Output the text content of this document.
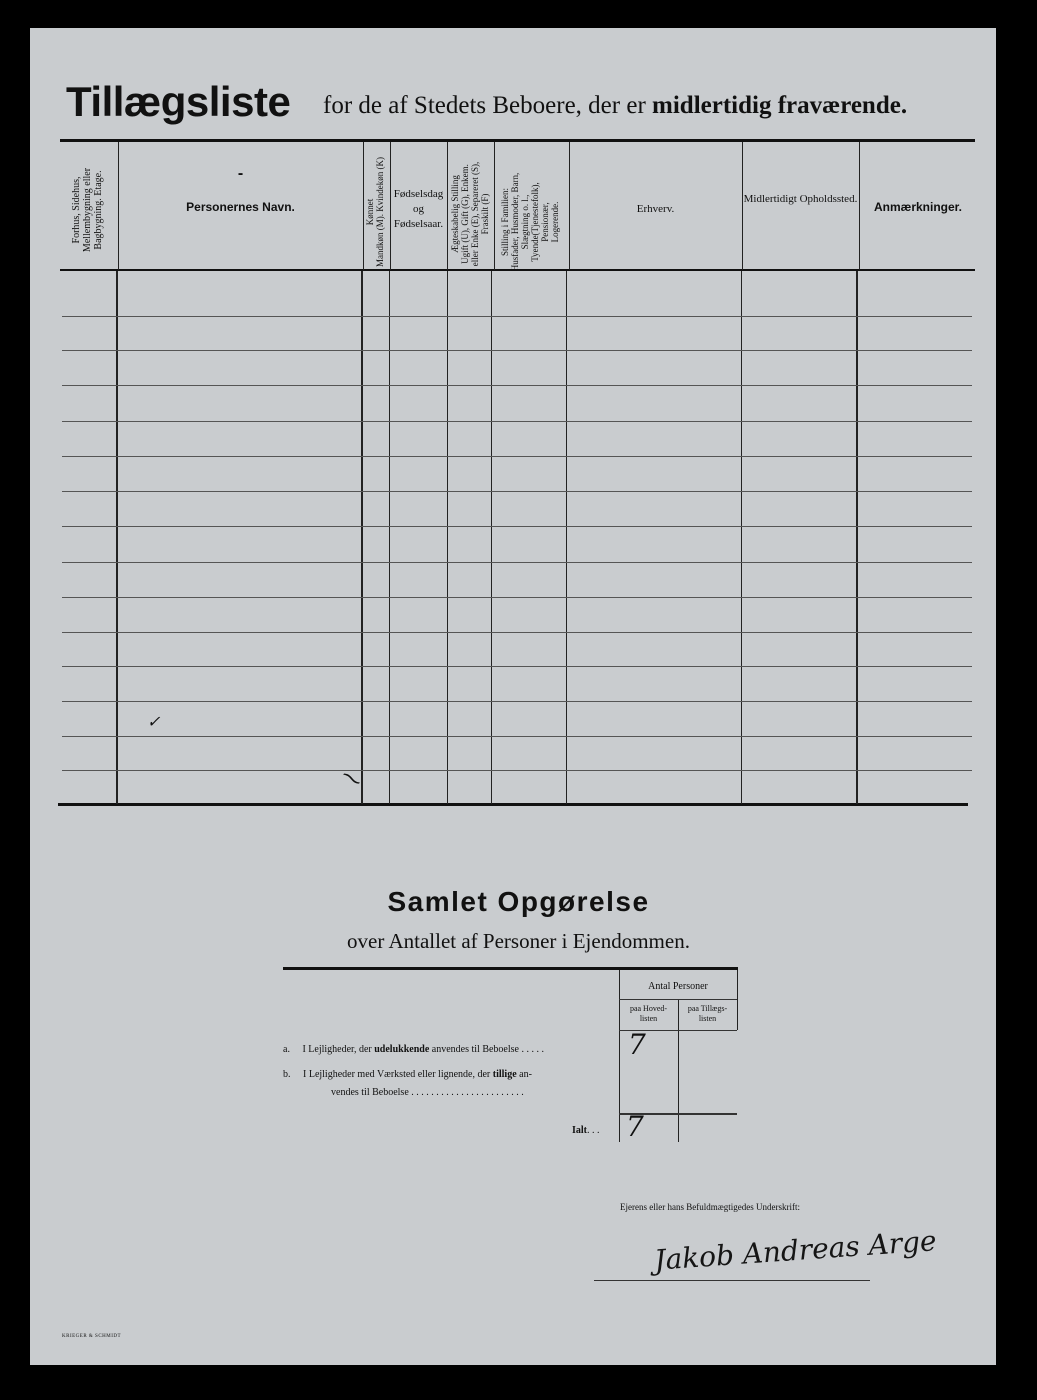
Tillægsliste for de af Stedets Beboere, der er midlertidig fraværende.
Forhus, Sidehus,
Mellembygning eller
Bagbygning. Etage.
Personernes Navn.
-
Kønnet
Mandkøn (M). Kvindekøn (K)
Fødselsdag og Fødselsaar. Ægteskabelig Stilling
Ugift (U), Gift (G), Enkem.
eller Enke (E), Separeret (S),
Fraskilt (F)
Stilling i Familien:
Husfader, Husmoder, Barn,
Slægtning o. l.,
Tyende(Tjenestefolk), Pensionær,
Logerende.	Erhverv.
Midlertidigt Opholdssted.
Anmærkninger.
✓
⁓
Samlet Opgørelse
over Antallet af Personer i Ejendommen.
Antal Personer
paa Hoved-
listen
paa Tillægs-
listen
a. I Lejligheder, der udelukkende anvendes til Beboelse . . . . .
b. I Lejligheder med Værksted eller lignende, der tillige an-
vendes til Beboelse . . . . . . . . . . . . . . . . . . . . . . .
Ialt. . .
7
7
Ejerens eller hans Befuldmægtigedes Underskrift:
Jakob Andreas Arge
KRIEGER & SCHMIDT
